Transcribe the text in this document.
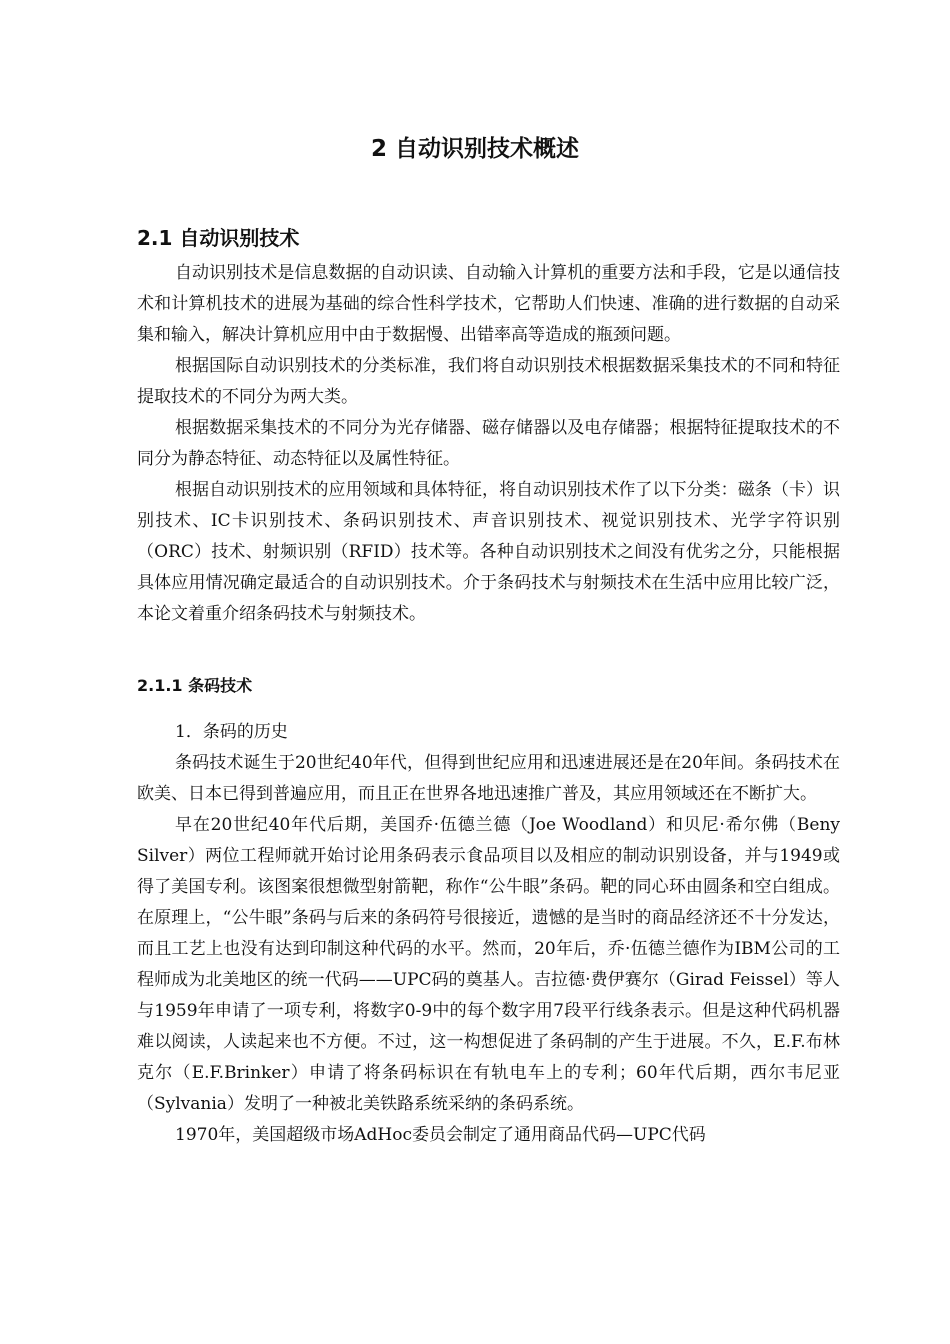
2 自动识别技术概述
2.1 自动识别技术

自动识别技术是信息数据的自动识读、自动输入计算机的重要方法和手段，它是以通信技术和计算机技术的进展为基础的综合性科学技术，它帮助人们快速、准确的进行数据的自动采集和输入，解决计算机应用中由于数据慢、出错率高等造成的瓶颈问题。

根据国际自动识别技术的分类标准，我们将自动识别技术根据数据采集技术的不同和特征提取技术的不同分为两大类。

根据数据采集技术的不同分为光存储器、磁存储器以及电存储器；根据特征提取技术的不同分为静态特征、动态特征以及属性特征。

根据自动识别技术的应用领域和具体特征，将自动识别技术作了以下分类：磁条（卡）识别技术、IC卡识别技术、条码识别技术、声音识别技术、视觉识别技术、光学字符识别（ORC）技术、射频识别（RFID）技术等。各种自动识别技术之间没有优劣之分，只能根据具体应用情况确定最适合的自动识别技术。介于条码技术与射频技术在生活中应用比较广泛，本论文着重介绍条码技术与射频技术。

2.1.1 条码技术

1．条码的历史

条码技术诞生于20世纪40年代，但得到世纪应用和迅速进展还是在20年间。条码技术在欧美、日本已得到普遍应用，而且正在世界各地迅速推广普及，其应用领域还在不断扩大。

早在20世纪40年代后期，美国乔·伍德兰德（Joe Woodland）和贝尼·希尔佛（Beny Silver）两位工程师就开始讨论用条码表示食品项目以及相应的制动识别设备，并与1949或得了美国专利。该图案很想微型射箭靶，称作“公牛眼”条码。靶的同心环由圆条和空白组成。在原理上，“公牛眼”条码与后来的条码符号很接近，遗憾的是当时的商品经济还不十分发达，而且工艺上也没有达到印制这种代码的水平。然而，20年后，乔·伍德兰德作为IBM公司的工程师成为北美地区的统一代码——UPC码的奠基人。吉拉德·费伊赛尔（Girad Feissel）等人与1959年申请了一项专利，将数字0-9中的每个数字用7段平行线条表示。但是这种代码机器难以阅读，人读起来也不方便。不过，这一构想促进了条码制的产生于进展。不久，E.F.布林克尔（E.F.Brinker）申请了将条码标识在有轨电车上的专利；60年代后期，西尔韦尼亚（Sylvania）发明了一种被北美铁路系统采纳的条码系统。

1970年，美国超级市场AdHoc委员会制定了通用商品代码—UPC代码
